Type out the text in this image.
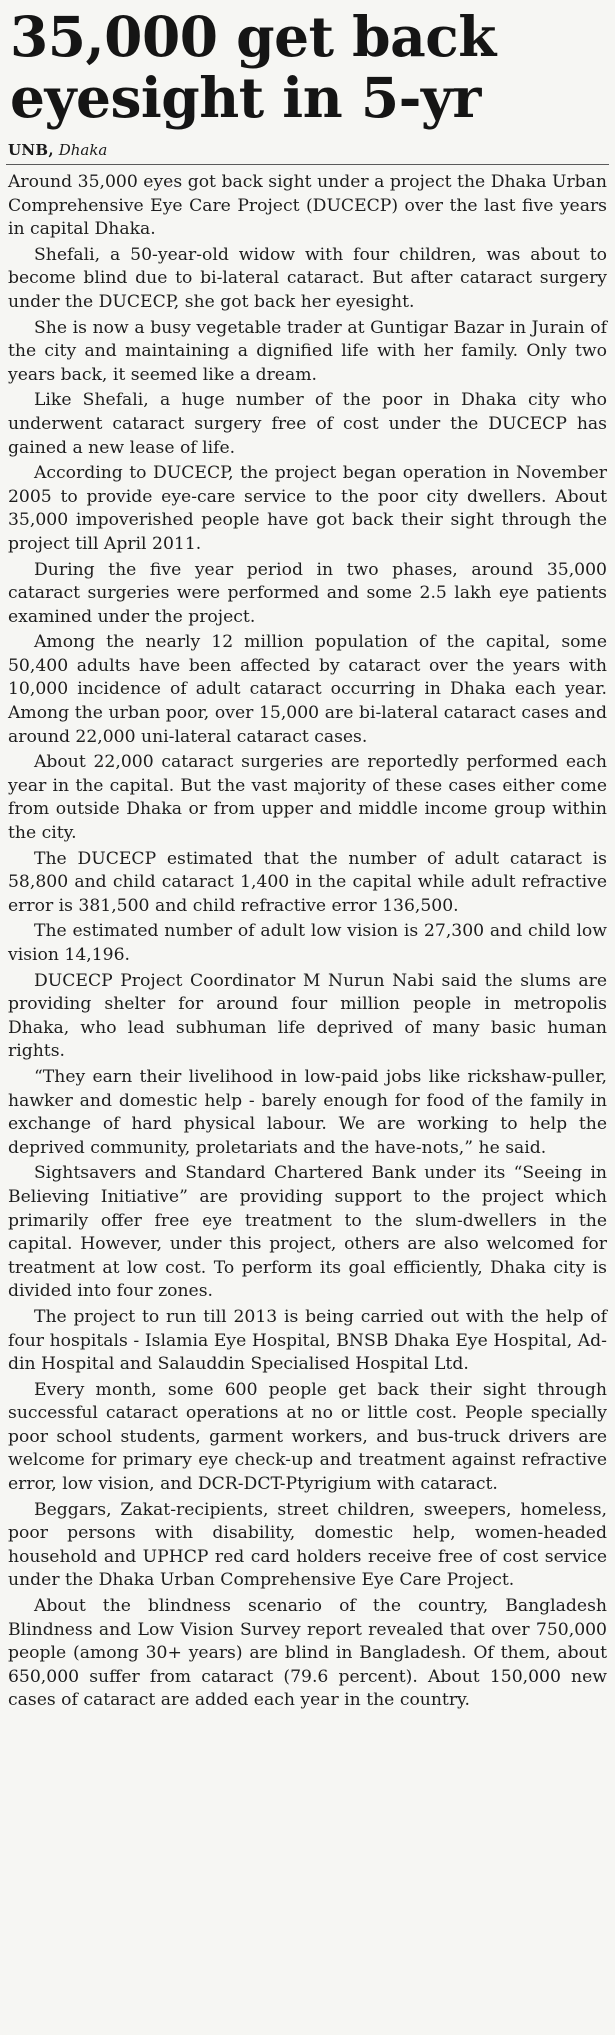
35,000 get back
eyesight in 5-yr
UNB, Dhaka

Around 35,000 eyes got back sight under a project the Dhaka Urban Comprehensive Eye Care Project (DUCECP) over the last five years in capital Dhaka.

Shefali, a 50-year-old widow with four children, was about to become blind due to bi-lateral cataract. But after cataract surgery under the DUCECP, she got back her eyesight.

She is now a busy vegetable trader at Guntigar Bazar in Jurain of the city and maintaining a dignified life with her family. Only two years back, it seemed like a dream.

Like Shefali, a huge number of the poor in Dhaka city who underwent cataract surgery free of cost under the DUCECP has gained a new lease of life.

According to DUCECP, the project began operation in November 2005 to provide eye-care service to the poor city dwellers. About 35,000 impoverished people have got back their sight through the project till April 2011.

During the five year period in two phases, around 35,000 cataract surgeries were performed and some 2.5 lakh eye patients examined under the project.

Among the nearly 12 million population of the capital, some 50,400 adults have been affected by cataract over the years with 10,000 incidence of adult cataract occurring in Dhaka each year. Among the urban poor, over 15,000 are bi-lateral cataract cases and around 22,000 uni-lateral cataract cases.

About 22,000 cataract surgeries are reportedly performed each year in the capital. But the vast majority of these cases either come from outside Dhaka or from upper and middle income group within the city.

The DUCECP estimated that the number of adult cataract is 58,800 and child cataract 1,400 in the capital while adult refractive error is 381,500 and child refractive error 136,500.

The estimated number of adult low vision is 27,300 and child low vision 14,196.

DUCECP Project Coordinator M Nurun Nabi said the slums are providing shelter for around four million people in metropolis Dhaka, who lead subhuman life deprived of many basic human rights.

“They earn their livelihood in low-paid jobs like rickshaw-puller, hawker and domestic help - barely enough for food of the family in exchange of hard physical labour. We are working to help the deprived community, proletariats and the have-nots,” he said.

Sightsavers and Standard Chartered Bank under its “Seeing in Believing Initiative” are providing support to the project which primarily offer free eye treatment to the slum-dwellers in the capital. However, under this project, others are also welcomed for treatment at low cost. To perform its goal efficiently, Dhaka city is divided into four zones.

The project to run till 2013 is being carried out with the help of four hospitals - Islamia Eye Hospital, BNSB Dhaka Eye Hospital, Ad-din Hospital and Salauddin Specialised Hospital Ltd.

Every month, some 600 people get back their sight through successful cataract operations at no or little cost. People specially poor school students, garment workers, and bus-truck drivers are welcome for primary eye check-up and treatment against refractive error, low vision, and DCR-DCT-Ptyrigium with cataract.

Beggars, Zakat-recipients, street children, sweepers, homeless, poor persons with disability, domestic help, women-headed household and UPHCP red card holders receive free of cost service under the Dhaka Urban Comprehensive Eye Care Project.

About the blindness scenario of the country, Bangladesh Blindness and Low Vision Survey report revealed that over 750,000 people (among 30+ years) are blind in Bangladesh. Of them, about 650,000 suffer from cataract (79.6 percent). About 150,000 new cases of cataract are added each year in the country.
